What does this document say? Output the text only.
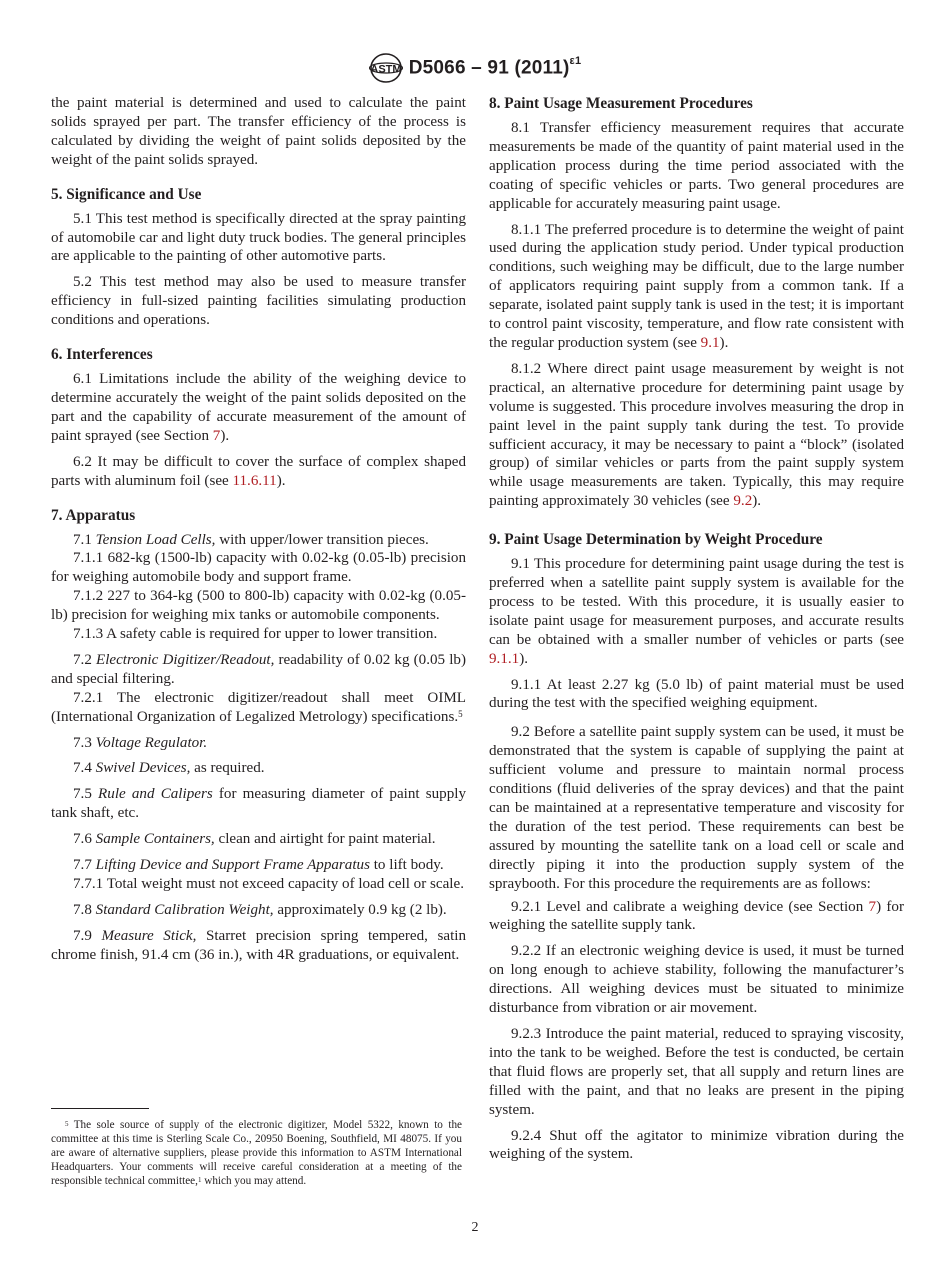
ASTM D5066 – 91 $(2011)^{\varepsilon 1}$

the paint material is determined and used to calculate the paint solids sprayed per part. The transfer efficiency of the process is calculated by dividing the weight of paint solids deposited by the weight of the paint solids sprayed.

5. Significance and Use

5.1 This test method is specifically directed at the spray painting of automobile car and light duty truck bodies. The general principles are applicable to the painting of other automotive parts.

5.2 This test method may also be used to measure transfer efficiency in full-sized painting facilities simulating production conditions and operations.

6. Interferences

6.1 Limitations include the ability of the weighing device to determine accurately the weight of the paint solids deposited on the part and the capability of accurate measurement of the amount of paint sprayed (see Section 7).

6.2 It may be difficult to cover the surface of complex shaped parts with aluminum foil (see 11.6.11).

7. Apparatus

7.1 Tension Load Cells, with upper/lower transition pieces.

7.1.1 682-kg (1500-lb) capacity with 0.02-kg (0.05-lb) precision for weighing automobile body and support frame.

7.1.2 227 to 364-kg (500 to 800-lb) capacity with 0.02-kg (0.05-lb) precision for weighing mix tanks or automobile components.

7.1.3 A safety cable is required for upper to lower transition.

7.2 Electronic Digitizer/Readout, readability of 0.02 kg (0.05 lb) and special filtering.

7.2.1 The electronic digitizer/readout shall meet OIML (International Organization of Legalized Metrology) specifications.$^5$

7.3 Voltage Regulator.

7.4 Swivel Devices, as required.

7.5 Rule and Calipers for measuring diameter of paint supply tank shaft, etc.

7.6 Sample Containers, clean and airtight for paint material.

7.7 Lifting Device and Support Frame Apparatus to lift body.

7.7.1 Total weight must not exceed capacity of load cell or scale.

7.8 Standard Calibration Weight, approximately 0.9 kg (2 lb).

7.9 Measure Stick, Starret precision spring tempered, satin chrome finish, 91.4 cm (36 in.), with 4R graduations, or equivalent.

$^5$ The sole source of supply of the electronic digitizer, Model 5322, known to the committee at this time is Sterling Scale Co., 20950 Boening, Southfield, MI 48075. If you are aware of alternative suppliers, please provide this information to ASTM International Headquarters. Your comments will receive careful consideration at a meeting of the responsible technical committee,$^1$ which you may attend.

8. Paint Usage Measurement Procedures

8.1 Transfer efficiency measurement requires that accurate measurements be made of the quantity of paint material used in the application process during the time period associated with the coating of specific vehicles or parts. Two general procedures are applicable for accurately measuring paint usage.

8.1.1 The preferred procedure is to determine the weight of paint used during the application study period. Under typical production conditions, such weighing may be difficult, due to the large number of applicators requiring paint supply from a common tank. If a separate, isolated paint supply tank is used in the test; it is important to control paint viscosity, temperature, and flow rate consistent with the regular production system (see 9.1).

8.1.2 Where direct paint usage measurement by weight is not practical, an alternative procedure for determining paint usage by volume is suggested. This procedure involves measuring the drop in paint level in the paint supply tank during the test. To provide sufficient accuracy, it may be necessary to paint a “block” (isolated group) of similar vehicles or parts from the paint supply system while usage measurements are taken. Typically, this may require painting approximately 30 vehicles (see 9.2).

9. Paint Usage Determination by Weight Procedure

9.1 This procedure for determining paint usage during the test is preferred when a satellite paint supply system is available for the process to be tested. With this procedure, it is usually easier to isolate paint usage for measurement purposes, and accurate results can be obtained with a smaller number of vehicles or parts (see 9.1.1).

9.1.1 At least 2.27 kg (5.0 lb) of paint material must be used during the test with the specified weighing equipment.

9.2 Before a satellite paint supply system can be used, it must be demonstrated that the system is capable of supplying the paint at sufficient volume and pressure to maintain normal process conditions (fluid deliveries of the spray devices) and that the paint can be maintained at a representative temperature and viscosity for the duration of the test period. These requirements can best be assured by mounting the satellite tank on a load cell or scale and directly piping it into the production supply system of the spraybooth. For this procedure the requirements are as follows:

9.2.1 Level and calibrate a weighing device (see Section 7) for weighing the satellite supply tank.

9.2.2 If an electronic weighing device is used, it must be turned on long enough to achieve stability, following the manufacturer’s directions. All weighing devices must be situated to minimize disturbance from vibration or air movement.

9.2.3 Introduce the paint material, reduced to spraying viscosity, into the tank to be weighed. Before the test is conducted, be certain that fluid flows are properly set, that all supply and return lines are filled with the paint, and that no leaks are present in the piping system.

9.2.4 Shut off the agitator to minimize vibration during the weighing of the system.

2
